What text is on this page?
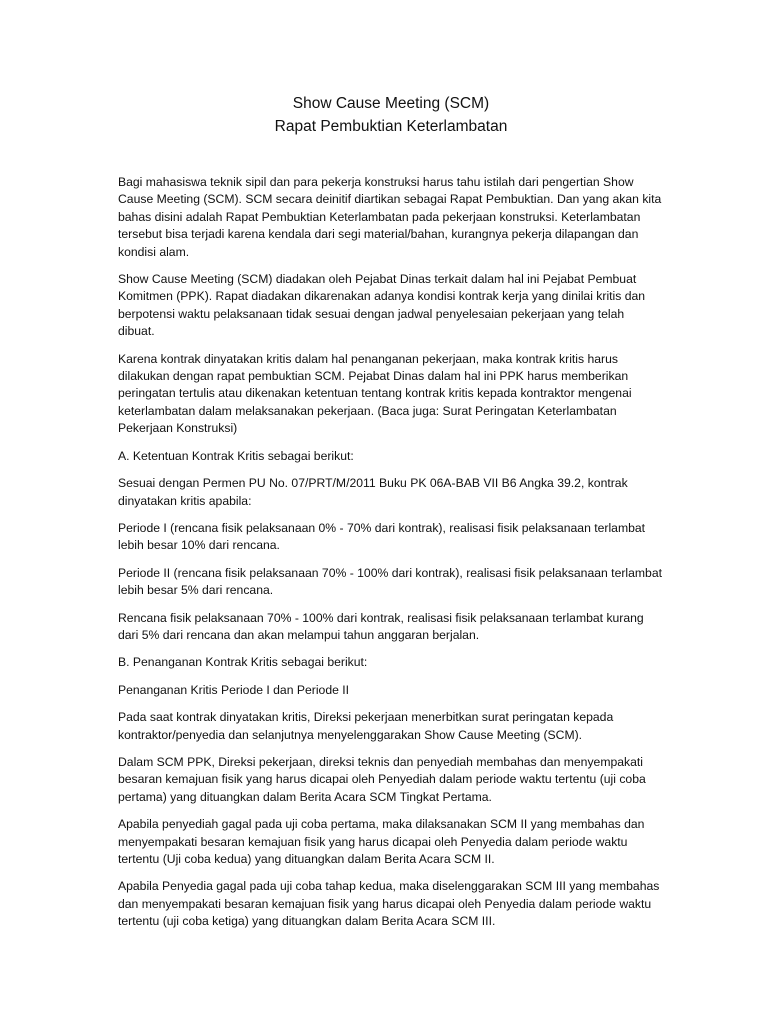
Show Cause Meeting (SCM)
Rapat Pembuktian Keterlambatan

Bagi mahasiswa teknik sipil dan para pekerja konstruksi harus tahu istilah dari pengertian Show Cause Meeting (SCM). SCM secara deinitif diartikan sebagai Rapat Pembuktian. Dan yang akan kita bahas disini adalah Rapat Pembuktian Keterlambatan pada pekerjaan konstruksi. Keterlambatan tersebut bisa terjadi karena kendala dari segi material/bahan, kurangnya pekerja dilapangan dan kondisi alam.

Show Cause Meeting (SCM) diadakan oleh Pejabat Dinas terkait dalam hal ini Pejabat Pembuat Komitmen (PPK). Rapat diadakan dikarenakan adanya kondisi kontrak kerja yang dinilai kritis dan berpotensi waktu pelaksanaan tidak sesuai dengan jadwal penyelesaian pekerjaan yang telah dibuat.

Karena kontrak dinyatakan kritis dalam hal penanganan pekerjaan, maka kontrak kritis harus dilakukan dengan rapat pembuktian SCM. Pejabat Dinas dalam hal ini PPK harus memberikan peringatan tertulis atau dikenakan ketentuan tentang kontrak kritis kepada kontraktor mengenai keterlambatan dalam melaksanakan pekerjaan. (Baca juga: Surat Peringatan Keterlambatan Pekerjaan Konstruksi)

A. Ketentuan Kontrak Kritis sebagai berikut:

Sesuai dengan Permen PU No. 07/PRT/M/2011 Buku PK 06A-BAB VII B6 Angka 39.2, kontrak dinyatakan kritis apabila:

Periode I (rencana fisik pelaksanaan 0% - 70% dari kontrak), realisasi fisik pelaksanaan terlambat lebih besar 10% dari rencana.

Periode II (rencana fisik pelaksanaan 70% - 100% dari kontrak), realisasi fisik pelaksanaan terlambat lebih besar 5% dari rencana.

Rencana fisik pelaksanaan 70% - 100% dari kontrak, realisasi fisik pelaksanaan terlambat kurang dari 5% dari rencana dan akan melampui tahun anggaran berjalan.

B. Penanganan Kontrak Kritis sebagai berikut:

Penanganan Kritis Periode I dan Periode II

Pada saat kontrak dinyatakan kritis, Direksi pekerjaan menerbitkan surat peringatan kepada kontraktor/penyedia dan selanjutnya menyelenggarakan Show Cause Meeting (SCM).

Dalam SCM PPK, Direksi pekerjaan, direksi teknis dan penyediah membahas dan menyempakati besaran kemajuan fisik yang harus dicapai oleh Penyediah dalam periode waktu tertentu (uji coba pertama) yang dituangkan dalam Berita Acara SCM Tingkat Pertama.

Apabila penyediah gagal pada uji coba pertama, maka dilaksanakan SCM II yang membahas dan menyempakati besaran kemajuan fisik yang harus dicapai oleh Penyedia dalam periode waktu tertentu (Uji coba kedua) yang dituangkan dalam Berita Acara SCM II.

Apabila Penyedia gagal pada uji coba tahap kedua, maka diselenggarakan SCM III yang membahas dan menyempakati besaran kemajuan fisik yang harus dicapai oleh Penyedia dalam periode waktu tertentu (uji coba ketiga) yang dituangkan dalam Berita Acara SCM III.
